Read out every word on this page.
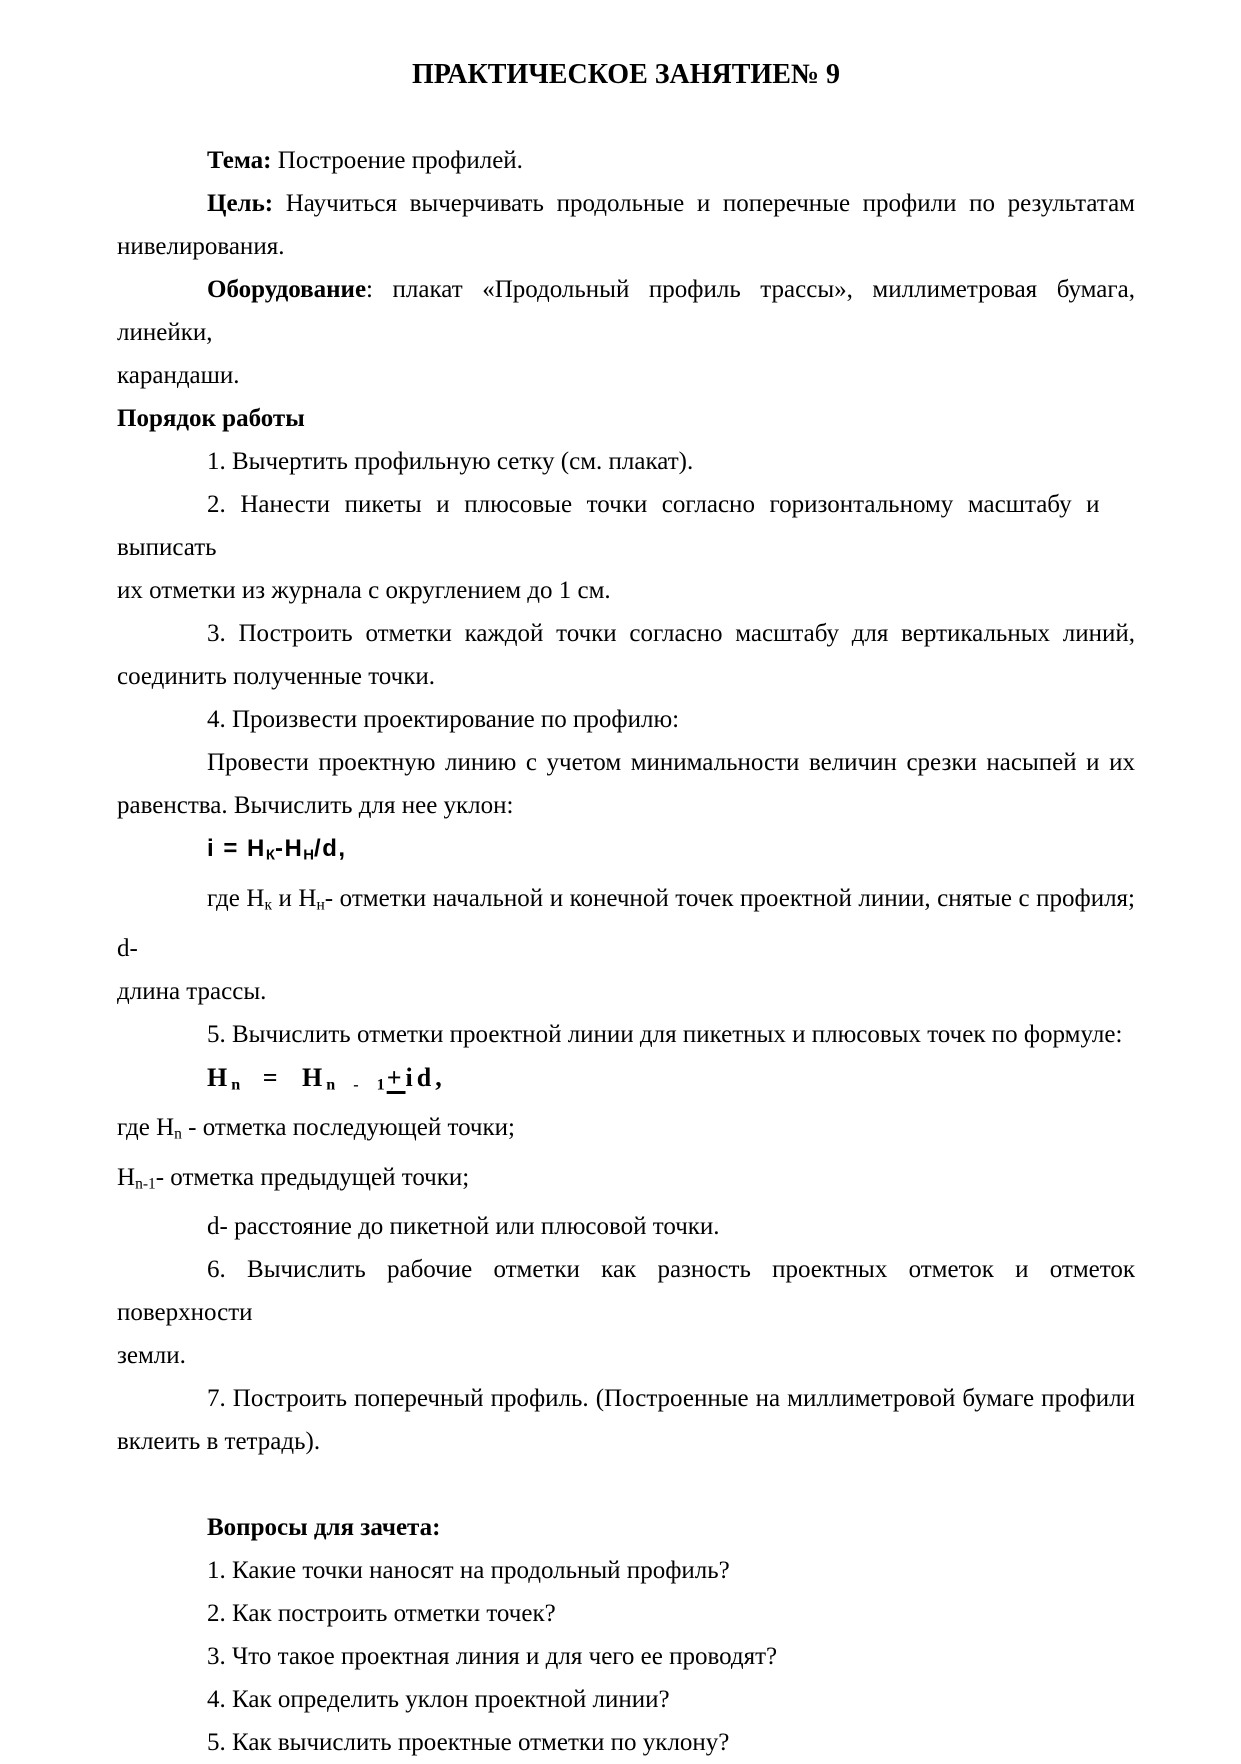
ПРАКТИЧЕСКОЕ ЗАНЯТИЕ№ 9
Тема: Построение профилей.
Цель: Научиться вычерчивать продольные и поперечные профили по результатам
нивелирования.
Оборудование: плакат «Продольный профиль трассы», миллиметровая бумага, линейки,
карандаши.
Порядок работы
1. Вычертить профильную сетку (см. плакат).
2. Нанести пикеты и плюсовые точки согласно горизонтальному масштабу и    выписать
их отметки из журнала с округлением до 1 см.
3. Построить отметки каждой точки согласно масштабу для вертикальных линий,
соединить полученные точки.
4. Произвести проектирование по профилю:
Провести проектную линию с учетом минимальности величин срезки насыпей и их
равенства. Вычислить для нее уклон:
$i = H_К-H_Н/d$,
где $H_к$ и $H_н-$ отметки начальной и конечной точек проектной линии, снятые с профиля; d-
длина трассы.
5. Вычислить отметки проектной линии для пикетных и плюсовых точек по формуле:
$H_n = H_{n - 1}+id$,
где $H_n$ - отметка последующей точки;
$H_{n-1}-$ отметка предыдущей точки;
d- расстояние до пикетной или плюсовой точки.
6. Вычислить рабочие отметки как разность проектных отметок и отметок поверхности
земли.
7. Построить поперечный профиль. (Построенные на миллиметровой бумаге профили
вклеить в тетрадь).
Вопросы для зачета:
1. Какие точки наносят на продольный профиль?
2. Как построить отметки точек?
3. Что такое проектная линия и для чего ее проводят?
4. Как определить уклон проектной линии?
5. Как вычислить проектные отметки по уклону?
